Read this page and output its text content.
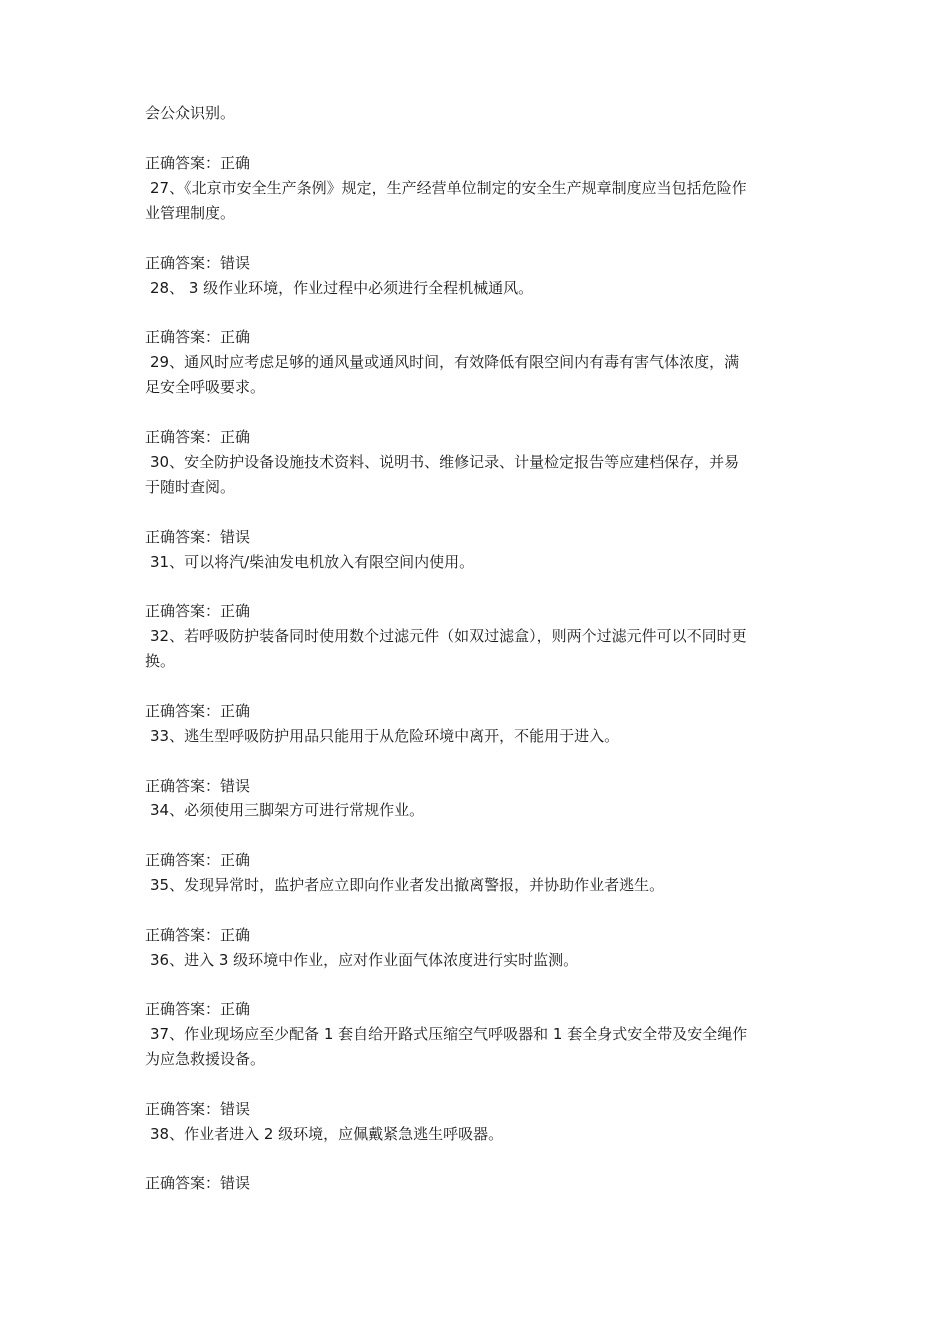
会公众识别。
正确答案：正确
27、《北京市安全生产条例》规定，生产经营单位制定的安全生产规章制度应当包括危险作
业管理制度。
正确答案：错误
28、 3 级作业环境，作业过程中必须进行全程机械通风。
正确答案：正确
29、通风时应考虑足够的通风量或通风时间，有效降低有限空间内有毒有害气体浓度，满
足安全呼吸要求。
正确答案：正确
30、安全防护设备设施技术资料、说明书、维修记录、计量检定报告等应建档保存，并易
于随时查阅。
正确答案：错误
31、可以将汽/柴油发电机放入有限空间内使用。
正确答案：正确
32、若呼吸防护装备同时使用数个过滤元件（如双过滤盒），则两个过滤元件可以不同时更
换。
正确答案：正确
33、逃生型呼吸防护用品只能用于从危险环境中离开，不能用于进入。
正确答案：错误
34、必须使用三脚架方可进行常规作业。
正确答案：正确
35、发现异常时，监护者应立即向作业者发出撤离警报，并协助作业者逃生。
正确答案：正确
36、进入 3 级环境中作业，应对作业面气体浓度进行实时监测。
正确答案：正确
37、作业现场应至少配备 1 套自给开路式压缩空气呼吸器和 1 套全身式安全带及安全绳作
为应急救援设备。
正确答案：错误
38、作业者进入 2 级环境，应佩戴紧急逃生呼吸器。
正确答案：错误
